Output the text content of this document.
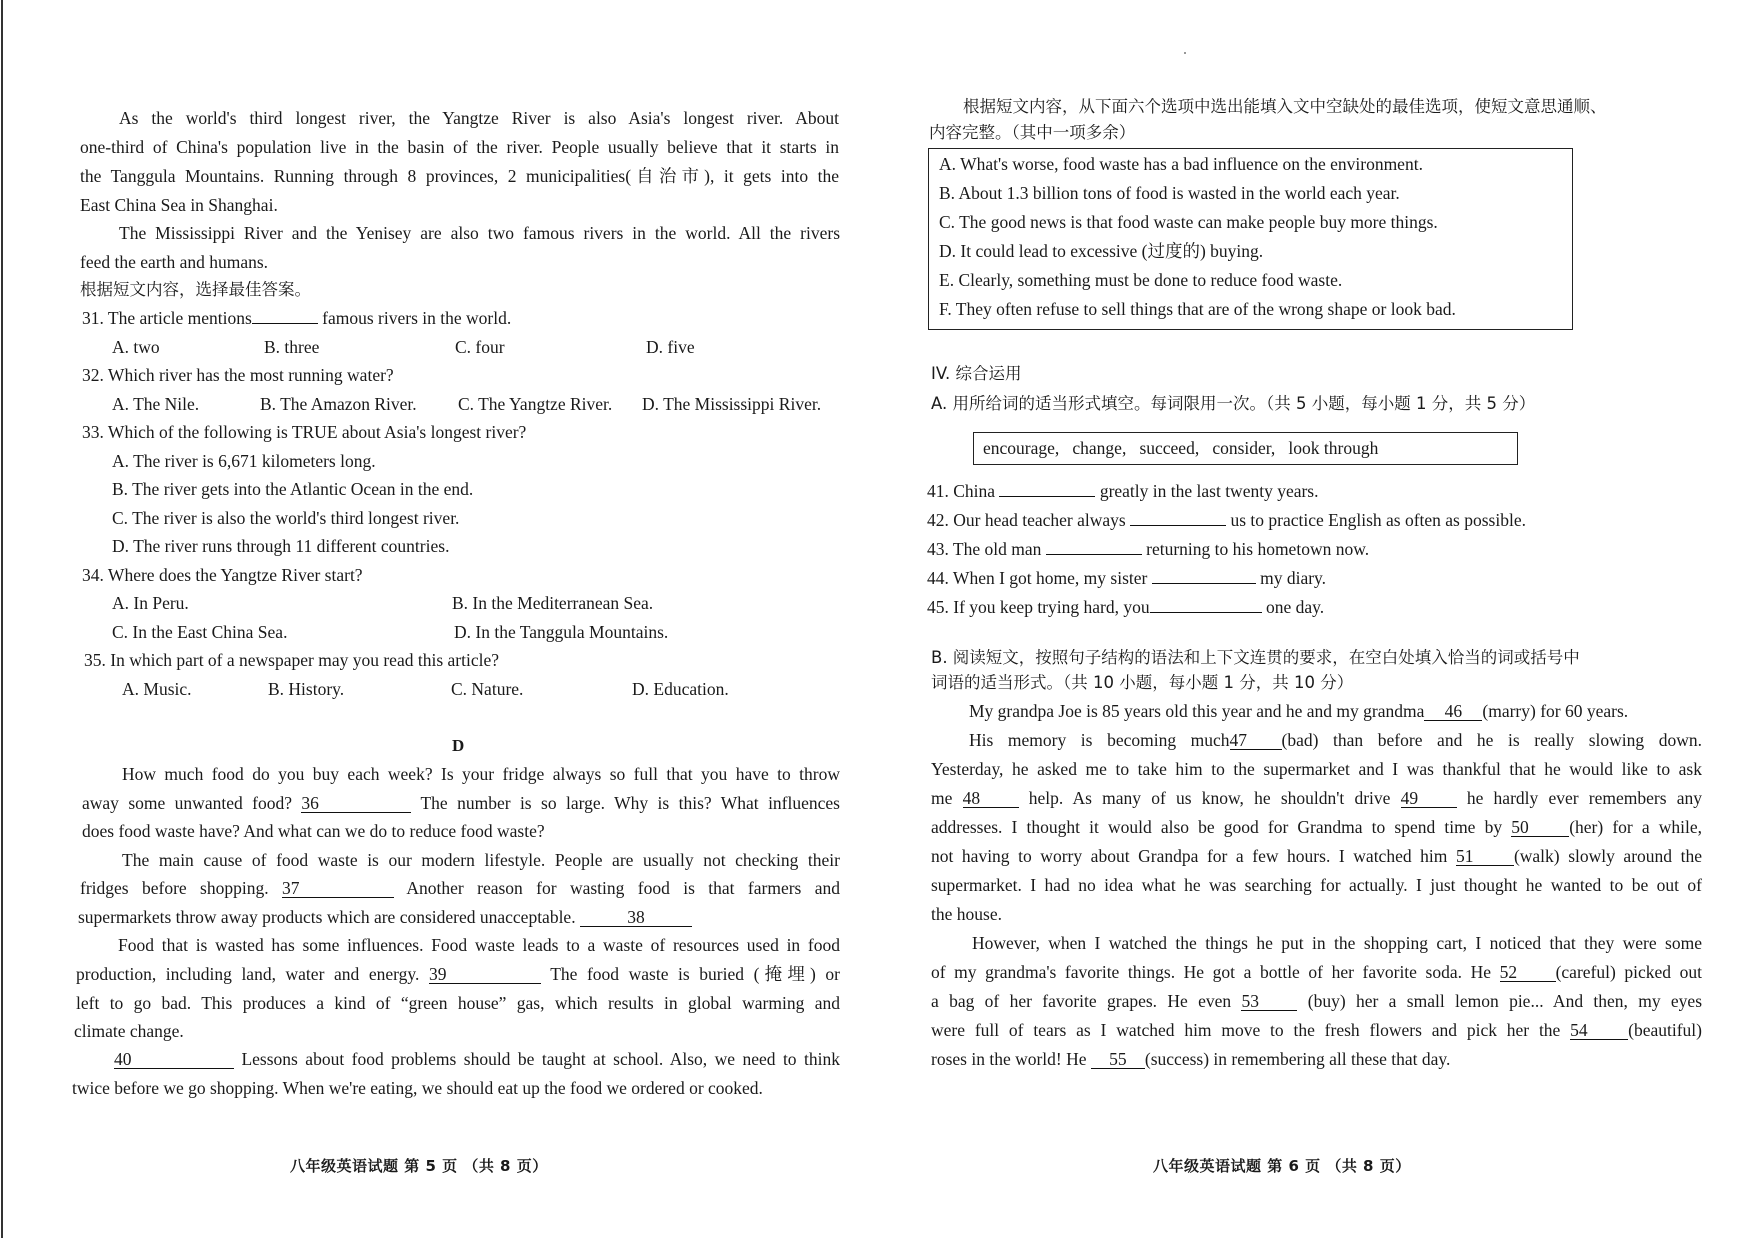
As the world's third longest river, the Yangtze River is also Asia's longest river. About
one-third of China's population live in the basin of the river. People usually believe that it starts in
the Tanggula Mountains. Running through 8 provinces, 2 municipalities(自治市), it gets into the
East China Sea in Shanghai.
The Mississippi River and the Yenisey are also two famous rivers in the world. All the rivers
feed the earth and humans.
根据短文内容，选择最佳答案。
31. The article mentions	famous rivers in the world.
A. two	B. three	C. four	D. five
32. Which river has the most running water?
A. The Nile.	B. The Amazon River. C. The Yangtze River. D. The Mississippi River.
33. Which of the following is TRUE about Asia's longest river?
A. The river is 6,671 kilometers long.
B. The river gets into the Atlantic Ocean in the end.
C. The river is also the world's third longest river.
D. The river runs through 11 different countries.
34. Where does the Yangtze River start?
A. In Peru.	B. In the Mediterranean Sea.
C. In the East China Sea.	D. In the Tanggula Mountains.
35. In which part of a newspaper may you read this article?
A. Music.	B. History.	C. Nature.	D. Education.
D
How much food do you buy each week? Is your fridge always so full that you have to throw
away some unwanted food? 36	The number is so large. Why is this? What influences
does food waste have? And what can we do to reduce food waste?
The main cause of food waste is our modern lifestyle. People are usually not checking their
fridges before shopping. 37	Another reason for wasting food is that farmers and
supermarkets throw away products which are considered unacceptable.	38
Food that is wasted has some influences. Food waste leads to a waste of resources used in food
production, including land, water and energy. 39	The food waste is buried (掩埋) or
left to go bad. This produces a kind of “green house” gas, which results in global warming and
climate change.
40	Lessons about food problems should be taught at school. Also, we need to think
twice before we go shopping. When we're eating, we should eat up the food we ordered or cooked.
八年级英语试题 第 5 页 （共 8 页）
根据短文内容，从下面六个选项中选出能填入文中空缺处的最佳选项，使短文意思通顺、
内容完整。（其中一项多余）
A. What's worse, food waste has a bad influence on the environment.
B. About 1.3 billion tons of food is wasted in the world each year.
C. The good news is that food waste can make people buy more things.
D. It could lead to excessive (过度的) buying.
E. Clearly, something must be done to reduce food waste.
F. They often refuse to sell things that are of the wrong shape or look bad.
IV. 综合运用
A. 用所给词的适当形式填空。每词限用一次。（共 5 小题，每小题 1 分，共 5 分）
encourage,   change,   succeed,   consider,   look through
41. China	greatly in the last twenty years.
42. Our head teacher always	us to practice English as often as possible.
43. The old man	returning to his hometown now.
44. When I got home, my sister	my diary.
45. If you keep trying hard, you	one day.
B. 阅读短文，按照句子结构的语法和上下文连贯的要求，在空白处填入恰当的词或括号中
词语的适当形式。（共 10 小题，每小题 1 分，共 10 分）
My grandpa Joe is 85 years old this year and he and my grandma 46 (marry) for 60 years.
His memory is becoming much47 (bad) than before and he is really slowing down.
Yesterday, he asked me to take him to the supermarket and I was thankful that he would like to ask
me 48 help. As many of us know, he shouldn't drive 49 he hardly ever remembers any
addresses. I thought it would also be good for Grandma to spend time by 50 (her) for a while,
not having to worry about Grandpa for a few hours. I watched him 51 (walk) slowly around the
supermarket. I had no idea what he was searching for actually. I just thought he wanted to be out of
the house.
However, when I watched the things he put in the shopping cart, I noticed that they were some
of my grandma's favorite things. He got a bottle of her favorite soda. He 52 (careful) picked out
a bag of her favorite grapes. He even 53 (buy) her a small lemon pie... And then, my eyes
were full of tears as I watched him move to the fresh flowers and pick her the 54 (beautiful)
roses in the world! He 55 (success) in remembering all these that day.
八年级英语试题 第 6 页 （共 8 页）
